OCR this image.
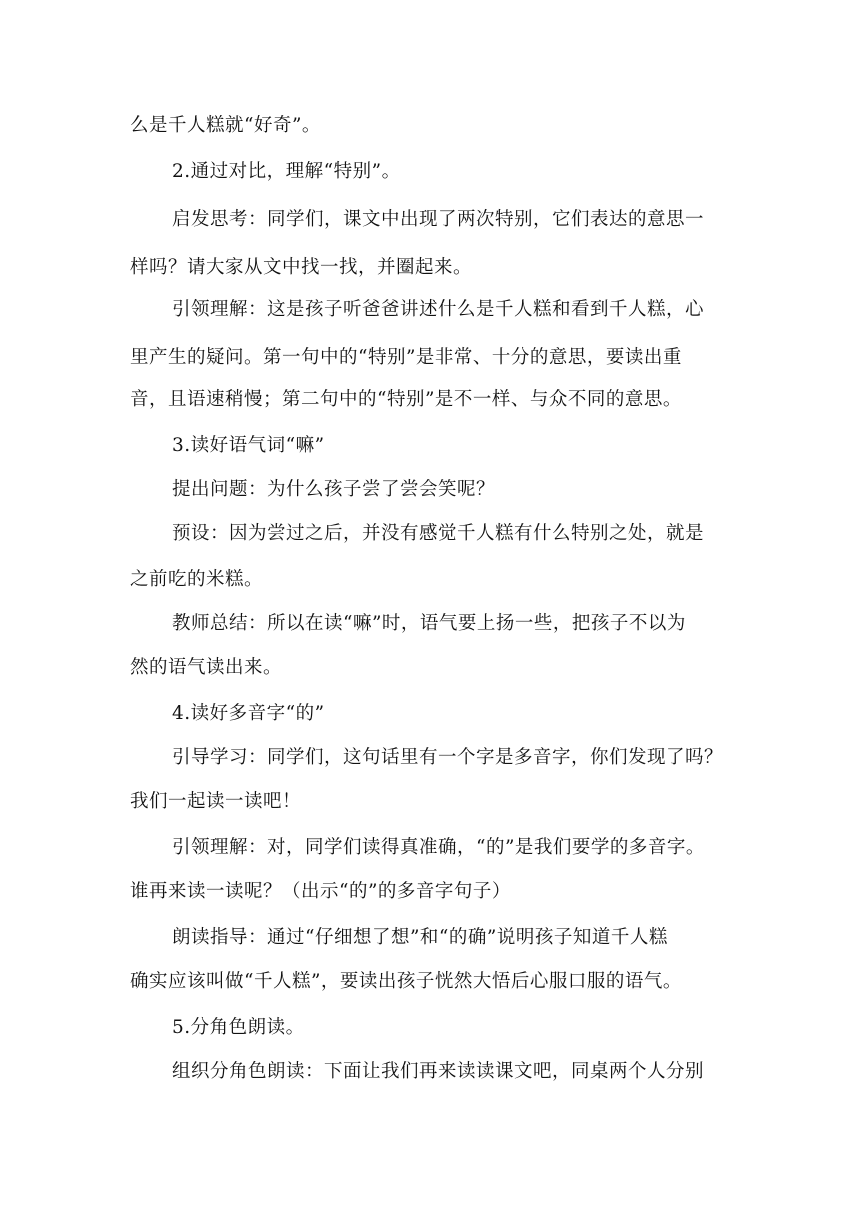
么是千人糕就“好奇”。
2.通过对比，理解“特别”。
启发思考：同学们，课文中出现了两次特别，它们表达的意思一
样吗？请大家从文中找一找，并圈起来。
引领理解：这是孩子听爸爸讲述什么是千人糕和看到千人糕，心
里产生的疑问。第一句中的“特别”是非常、十分的意思，要读出重
音，且语速稍慢；第二句中的“特别”是不一样、与众不同的意思。
3.读好语气词“嘛”
提出问题：为什么孩子尝了尝会笑呢？
预设：因为尝过之后，并没有感觉千人糕有什么特别之处，就是
之前吃的米糕。
教师总结：所以在读“嘛”时，语气要上扬一些，把孩子不以为
然的语气读出来。
4.读好多音字“的”
引导学习：同学们，这句话里有一个字是多音字，你们发现了吗？
我们一起读一读吧！
引领理解：对，同学们读得真准确，“的”是我们要学的多音字。
谁再来读一读呢？（出示“的”的多音字句子）
朗读指导：通过“仔细想了想”和“的确”说明孩子知道千人糕
确实应该叫做“千人糕”，要读出孩子恍然大悟后心服口服的语气。
5.分角色朗读。
组织分角色朗读：下面让我们再来读读课文吧，同桌两个人分别
